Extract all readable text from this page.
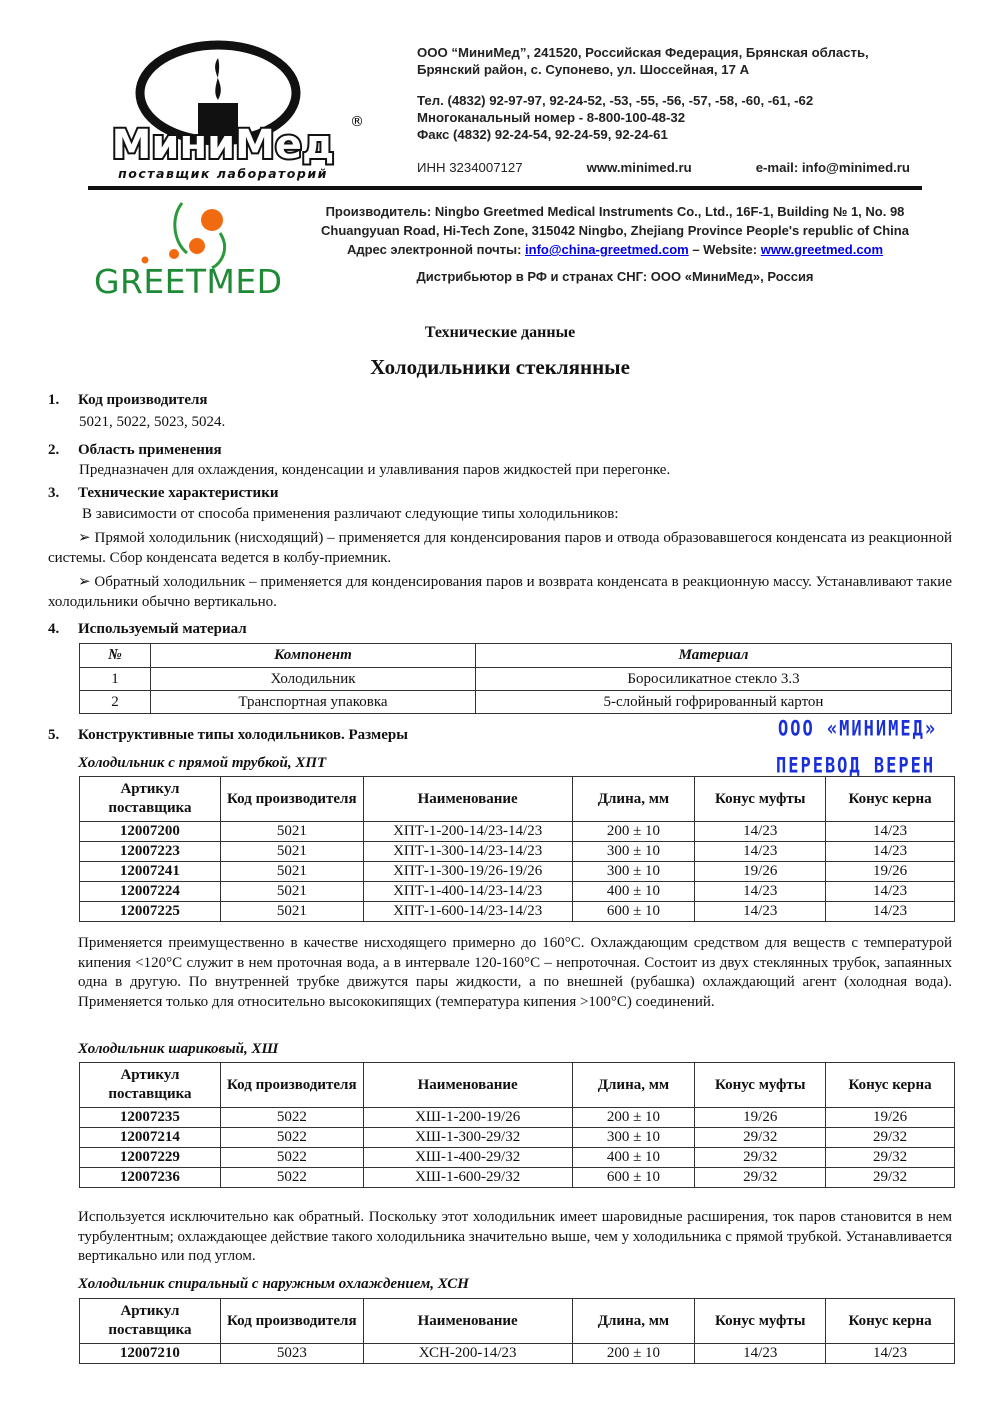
МиниМед ®
поставщик лабораторий
ООО “МиниМед”, 241520, Российская Федерация, Брянская область,
Брянский район, с. Супонево, ул. Шоссейная, 17 А
Тел. (4832) 92-97-97, 92-24-52, -53, -55, -56, -57, -58, -60, -61, -62
Многоканальный номер - 8-800-100-48-32
Факс (4832) 92-24-54, 92-24-59, 92-24-61
ИНН 3234007127	www.minimed.ru	e-mail: info@minimed.ru
GREETMED
Производитель: Ningbo Greetmed Medical Instruments Co., Ltd., 16F-1, Building № 1, No. 98
Chuangyuan Road, Hi-Tech Zone, 315042 Ningbo, Zhejiang Province People's republic of China
Адрес электронной почты: info@china-greetmed.com – Website: www.greetmed.com
Дистрибьютор в РФ и странах СНГ: ООО «МиниМед», Россия
Технические данные
Холодильники стеклянные
1. Код производителя
5021, 5022, 5023, 5024.
2. Область применения
Предназначен для охлаждения, конденсации и улавливания паров жидкостей при перегонке.
3. Технические характеристики
В зависимости от способа применения различают следующие типы холодильников:
➢ Прямой холодильник (нисходящий) – применяется для конденсирования паров и отвода образовавшегося конденсата из реакционной системы. Сбор конденсата ведется в колбу-приемник.
➢ Обратный холодильник – применяется для конденсирования паров и возврата конденсата в реакционную массу. Устанавливают такие холодильники обычно вертикально.
4. Используемый материал
№	Компонент	Материал
1	Холодильник	Боросиликатное стекло 3.3
2	Транспортная упаковка	5-слойный гофрированный картон
5. Конструктивные типы холодильников. Размеры	ООО «МИНИМЕД»
ПЕРЕВОД ВЕРЕН
Холодильник с прямой трубкой, ХПТ
Артикул поставщика	Код производителя	Наименование	Длина, мм	Конус муфты	Конус керна
12007200	5021	ХПТ-1-200-14/23-14/23	200 ± 10	14/23	14/23
12007223	5021	ХПТ-1-300-14/23-14/23	300 ± 10	14/23	14/23
12007241	5021	ХПТ-1-300-19/26-19/26	300 ± 10	19/26	19/26
12007224	5021	ХПТ-1-400-14/23-14/23	400 ± 10	14/23	14/23
12007225	5021	ХПТ-1-600-14/23-14/23	600 ± 10	14/23	14/23
Применяется преимущественно в качестве нисходящего примерно до 160°С. Охлаждающим средством для веществ с температурой кипения <120°С служит в нем проточная вода, а в интервале 120-160°С – непроточная. Состоит из двух стеклянных трубок, запаянных одна в другую. По внутренней трубке движутся пары жидкости, а по внешней (рубашка) охлаждающий агент (холодная вода). Применяется только для относительно высококипящих (температура кипения >100°С) соединений.
Холодильник шариковый, ХШ
Артикул поставщика	Код производителя	Наименование	Длина, мм	Конус муфты	Конус керна
12007235	5022	ХШ-1-200-19/26	200 ± 10	19/26	19/26
12007214	5022	ХШ-1-300-29/32	300 ± 10	29/32	29/32
12007229	5022	ХШ-1-400-29/32	400 ± 10	29/32	29/32
12007236	5022	ХШ-1-600-29/32	600 ± 10	29/32	29/32
Используется исключительно как обратный. Поскольку этот холодильник имеет шаровидные расширения, ток паров становится в нем турбулентным; охлаждающее действие такого холодильника значительно выше, чем у холодильника с прямой трубкой. Устанавливается вертикально или под углом.
Холодильник спиральный с наружным охлаждением, ХСН
Артикул поставщика	Код производителя	Наименование	Длина, мм	Конус муфты	Конус керна
12007210	5023	ХСН-200-14/23	200 ± 10	14/23	14/23
